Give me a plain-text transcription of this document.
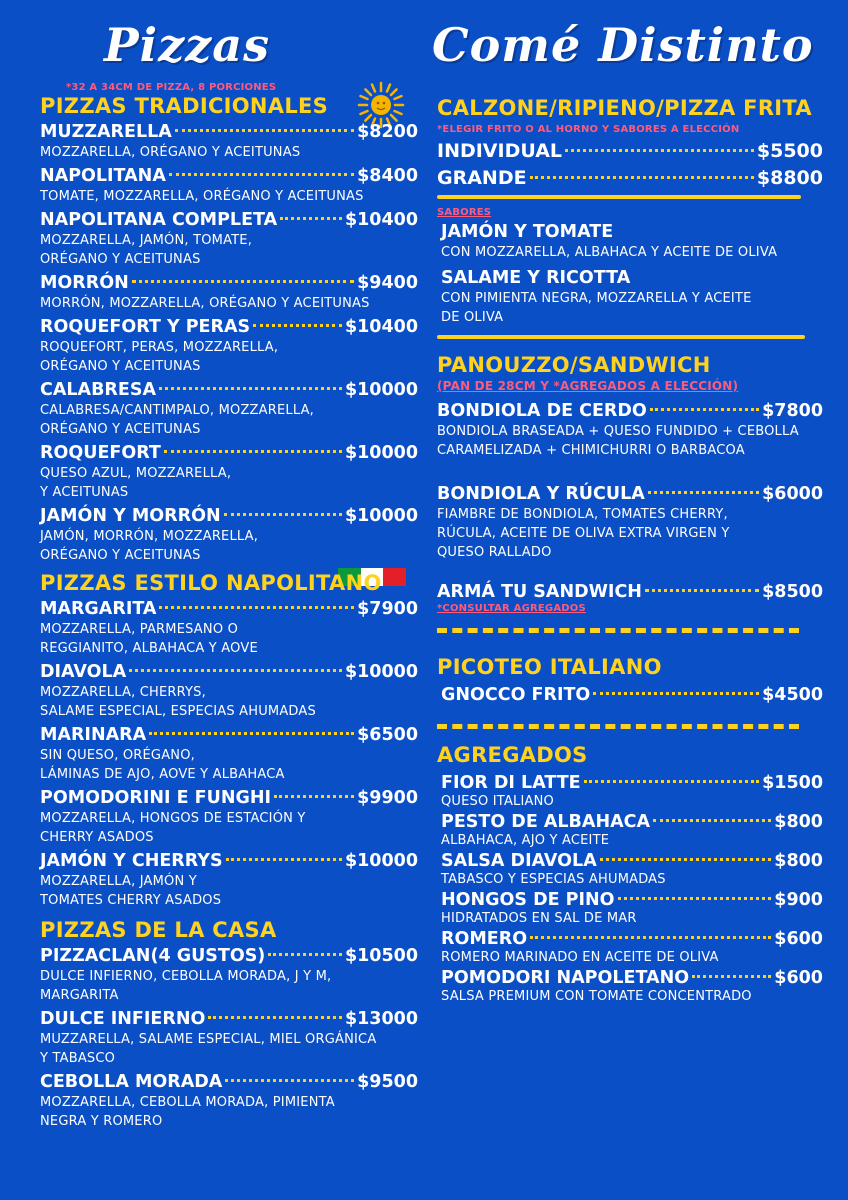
Pizzas	Comé Distinto
*32 A 34CM DE PIZZA, 8 PORCIONES
PIZZAS TRADICIONALES
MUZZARELLA	$8200
MOZZARELLA, ORÉGANO Y ACEITUNAS
NAPOLITANA	$8400
TOMATE, MOZZARELLA, ORÉGANO Y ACEITUNAS
NAPOLITANA COMPLETA	$10400
MOZZARELLA, JAMÓN, TOMATE,
ORÉGANO Y ACEITUNAS
MORRÓN	$9400
MORRÓN, MOZZARELLA, ORÉGANO Y ACEITUNAS
ROQUEFORT Y PERAS	$10400
ROQUEFORT, PERAS, MOZZARELLA,
ORÉGANO Y ACEITUNAS
CALABRESA	$10000
CALABRESA/CANTIMPALO, MOZZARELLA,
ORÉGANO Y ACEITUNAS
ROQUEFORT	$10000
QUESO AZUL, MOZZARELLA,
Y ACEITUNAS
JAMÓN Y MORRÓN	$10000
JAMÓN, MORRÓN, MOZZARELLA,
ORÉGANO Y ACEITUNAS
PIZZAS ESTILO NAPOLITANO
MARGARITA	$7900
MOZZARELLA, PARMESANO O
REGGIANITO, ALBAHACA Y AOVE
DIAVOLA	$10000
MOZZARELLA, CHERRYS,
SALAME ESPECIAL, ESPECIAS AHUMADAS
MARINARA	$6500
SIN QUESO, ORÉGANO,
LÁMINAS DE AJO, AOVE Y ALBAHACA
POMODORINI E FUNGHI	$9900
MOZZARELLA, HONGOS DE ESTACIÓN Y
CHERRY ASADOS
JAMÓN Y CHERRYS	$10000
MOZZARELLA, JAMÓN Y
TOMATES CHERRY ASADOS
PIZZAS DE LA CASA
PIZZACLAN(4 GUSTOS)	$10500
DULCE INFIERNO, CEBOLLA MORADA, J Y M,
MARGARITA
DULCE INFIERNO	$13000
MUZZARELLA, SALAME ESPECIAL, MIEL ORGÁNICA
Y TABASCO
CEBOLLA MORADA	$9500
MOZZARELLA, CEBOLLA MORADA, PIMIENTA
NEGRA Y ROMERO
CALZONE/RIPIENO/PIZZA FRITA
*ELEGIR FRITO O AL HORNO Y SABORES A ELECCIÓN
INDIVIDUAL	$5500
GRANDE	$8800
SABORES
JAMÓN Y TOMATE
CON MOZZARELLA, ALBAHACA Y ACEITE DE OLIVA
SALAME Y RICOTTA
CON PIMIENTA NEGRA, MOZZARELLA Y ACEITE
DE OLIVA
PANOUZZO/SANDWICH
(PAN DE 28CM Y *AGREGADOS A ELECCIÓN)
BONDIOLA DE CERDO	$7800
BONDIOLA BRASEADA + QUESO FUNDIDO + CEBOLLA
CARAMELIZADA + CHIMICHURRI O BARBACOA
BONDIOLA Y RÚCULA	$6000
FIAMBRE DE BONDIOLA, TOMATES CHERRY,
RÚCULA, ACEITE DE OLIVA EXTRA VIRGEN Y
QUESO RALLADO
ARMÁ TU SANDWICH	$8500
*CONSULTAR AGREGADOS
PICOTEO ITALIANO
GNOCCO FRITO	$4500
AGREGADOS
FIOR DI LATTE	$1500
QUESO ITALIANO
PESTO DE ALBAHACA	$800
ALBAHACA, AJO Y ACEITE
SALSA DIAVOLA	$800
TABASCO Y ESPECIAS AHUMADAS
HONGOS DE PINO	$900
HIDRATADOS EN SAL DE MAR
ROMERO	$600
ROMERO MARINADO EN ACEITE DE OLIVA
POMODORI NAPOLETANO	$600
SALSA PREMIUM CON TOMATE CONCENTRADO
